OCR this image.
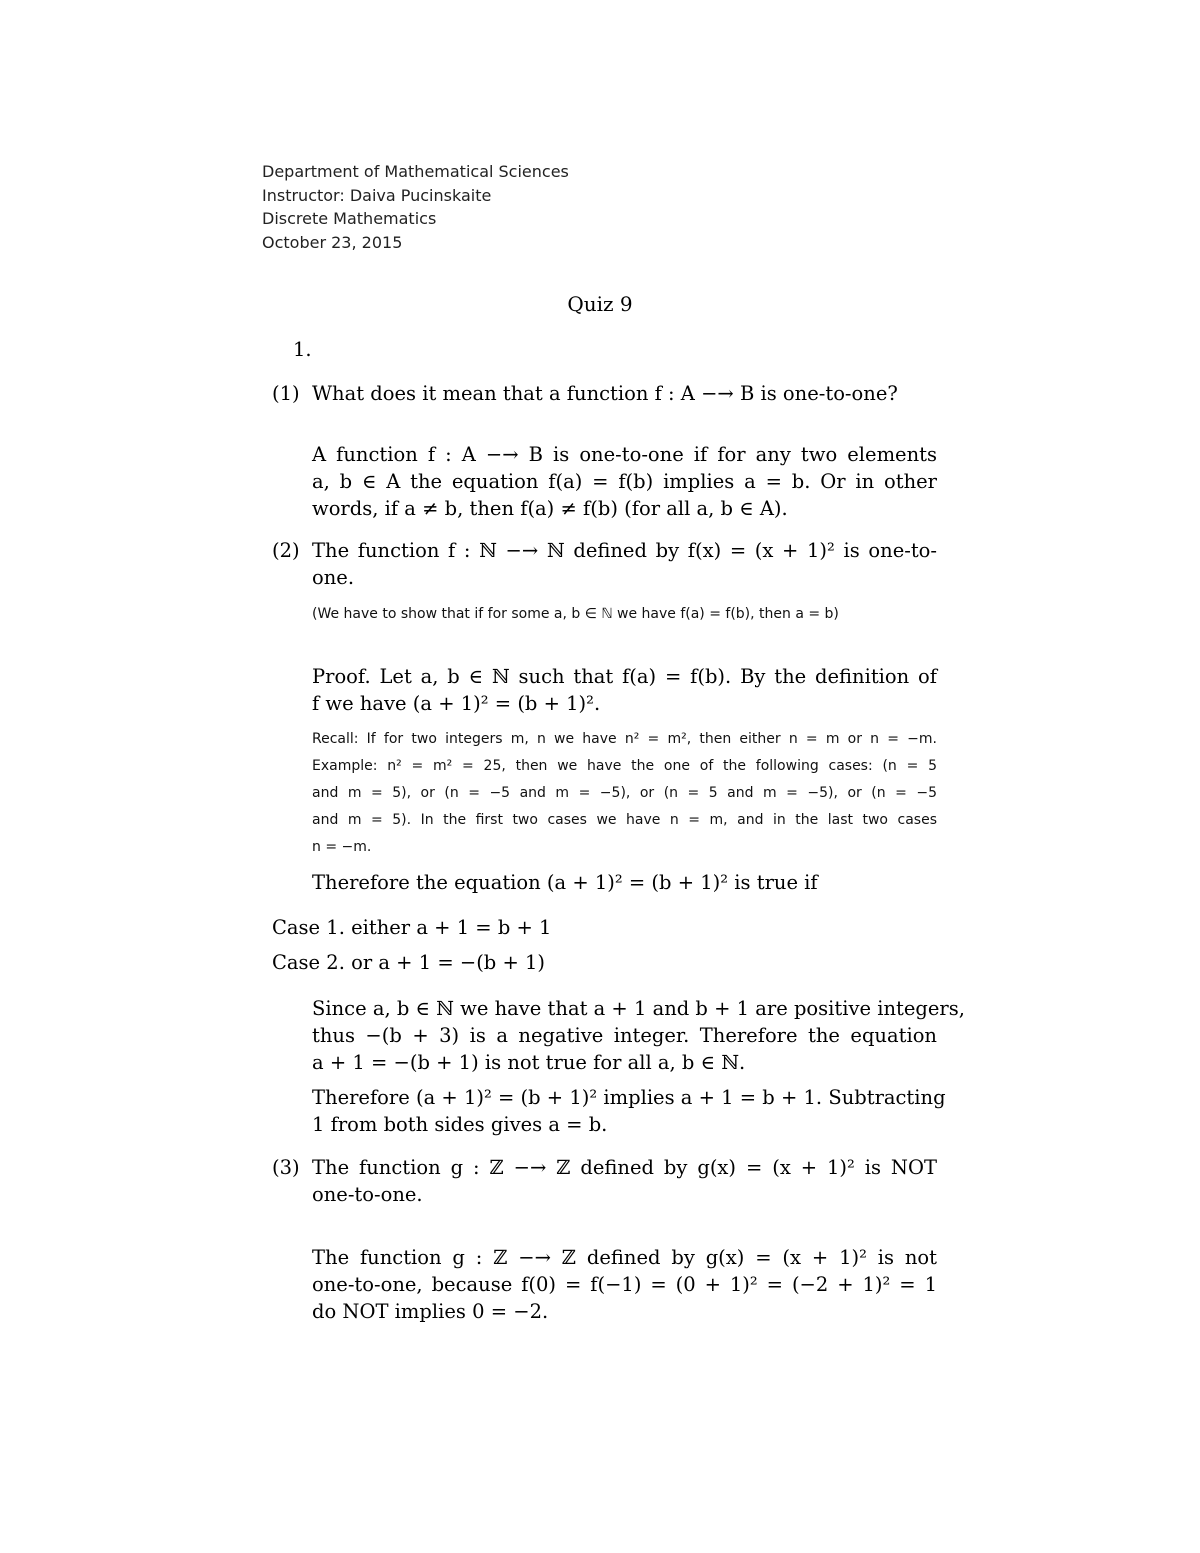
Department of Mathematical Sciences
Instructor: Daiva Pucinskaite
Discrete Mathematics
October 23, 2015
Quiz 9
1.
(1) What does it mean that a function f : A −→ B is one-to-one?
A function f : A −→ B is one-to-one if for any two elements
a, b ∈ A the equation f(a) = f(b) implies a = b. Or in other
words, if a ≠ b, then f(a) ≠ f(b) (for all a, b ∈ A).
(2) The function f : ℕ −→ ℕ defined by f(x) = (x + 1)² is one-to-
one.
(We have to show that if for some a, b ∈ ℕ we have f(a) = f(b), then a = b)
Proof. Let a, b ∈ ℕ such that f(a) = f(b). By the definition of
f we have (a + 1)² = (b + 1)².
Recall: If for two integers m, n we have n² = m², then either n = m or n = −m.
Example: n² = m² = 25, then we have the one of the following cases: (n = 5
and m = 5), or (n = −5 and m = −5), or (n = 5 and m = −5), or (n = −5
and m = 5). In the first two cases we have n = m, and in the last two cases
n = −m.
Therefore the equation (a + 1)² = (b + 1)² is true if
Case 1. either a + 1 = b + 1
Case 2. or a + 1 = −(b + 1)
Since a, b ∈ ℕ we have that a + 1 and b + 1 are positive integers,
thus −(b + 3) is a negative integer. Therefore the equation
a + 1 = −(b + 1) is not true for all a, b ∈ ℕ.
Therefore (a + 1)² = (b + 1)² implies a + 1 = b + 1. Subtracting
1 from both sides gives a = b.
(3) The function g : ℤ −→ ℤ defined by g(x) = (x + 1)² is NOT
one-to-one.
The function g : ℤ −→ ℤ defined by g(x) = (x + 1)² is not
one-to-one, because f(0) = f(−1) = (0 + 1)² = (−2 + 1)² = 1
do NOT implies 0 = −2.
